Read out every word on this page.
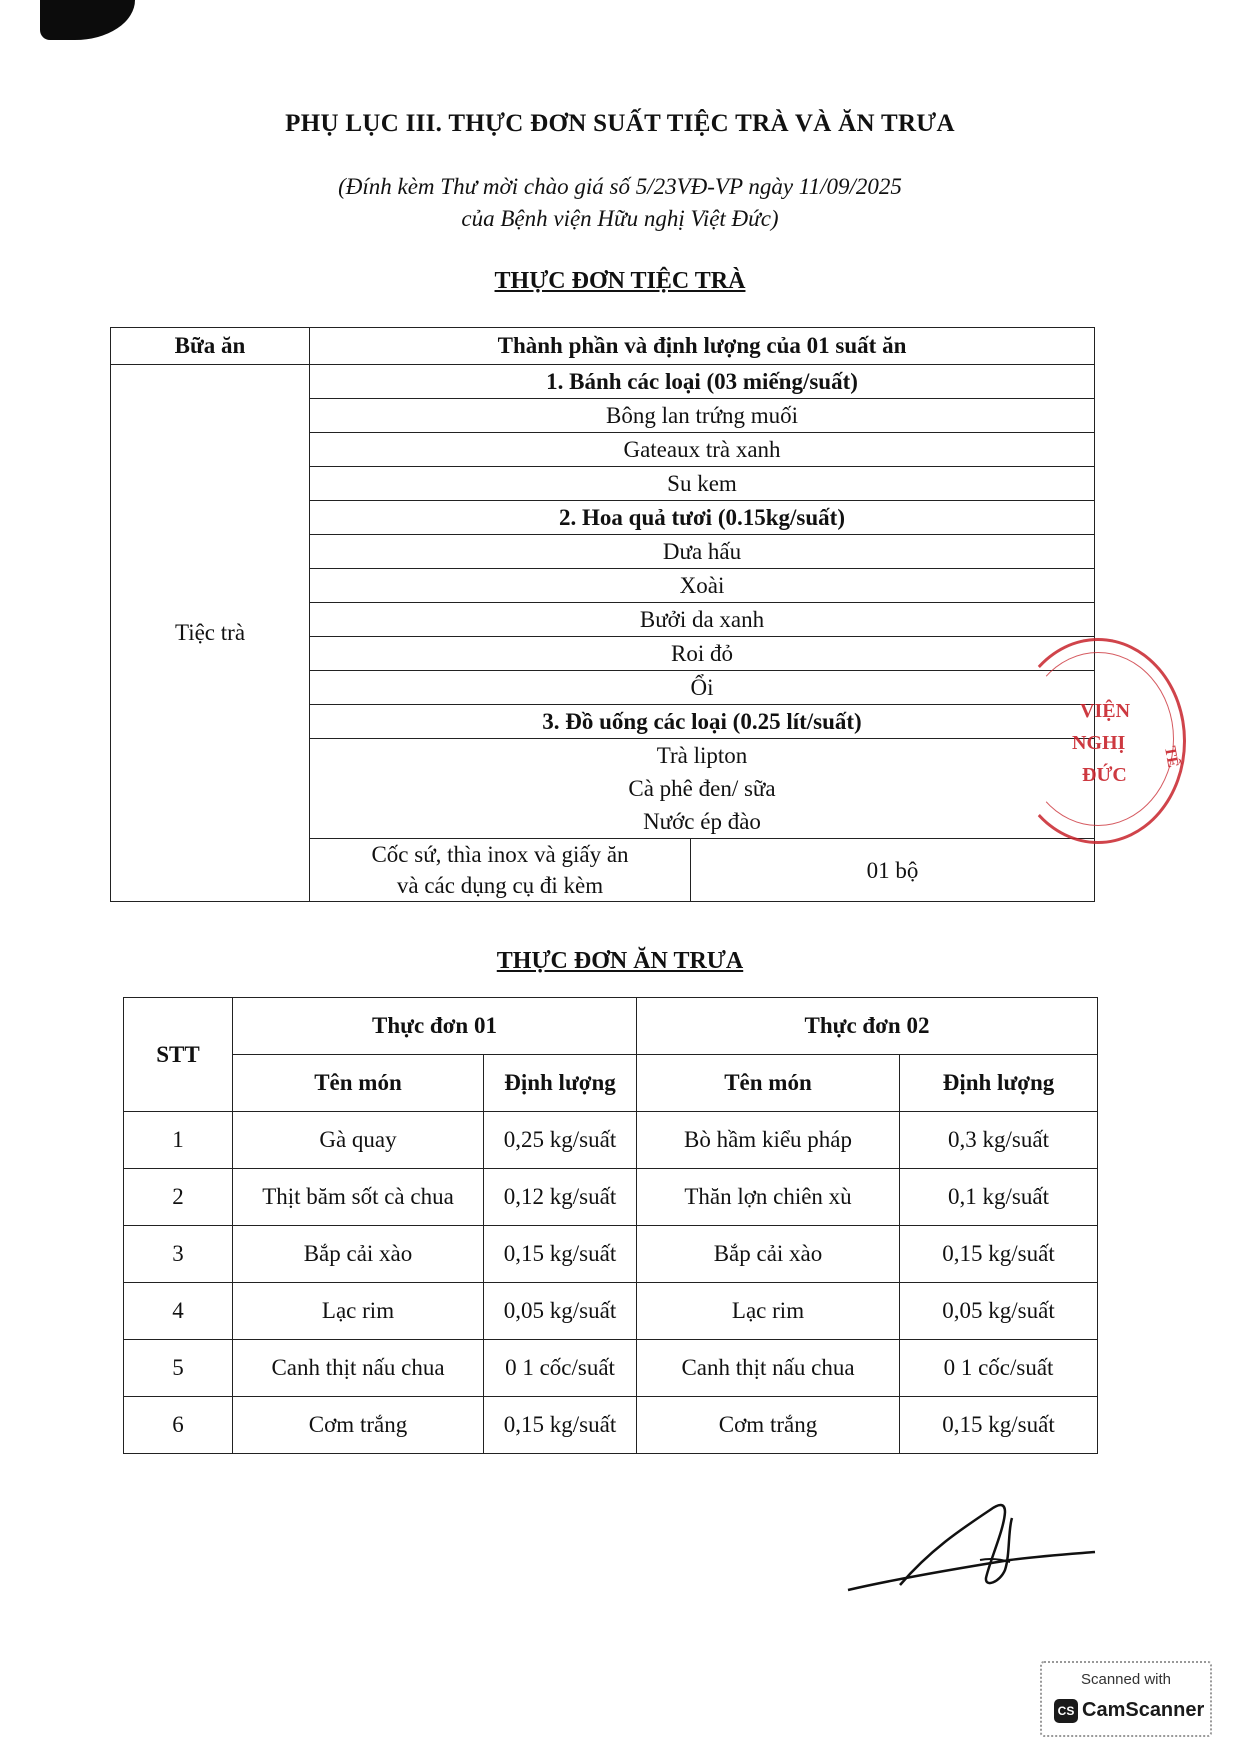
PHỤ LỤC III. THỰC ĐƠN SUẤT TIỆC TRÀ VÀ ĂN TRƯA
(Đính kèm Thư mời chào giá số 5/23VĐ-VP ngày 11/09/2025
của Bệnh viện Hữu nghị Việt Đức)
THỰC ĐƠN TIỆC TRÀ
Bữa ăn	Thành phần và định lượng của 01 suất ăn	
Tiệc trà	1. Bánh các loại (03 miếng/suất)	
	Bông lan trứng muối	
	Gateaux trà xanh	
	Su kem	
	2. Hoa quả tươi (0.15kg/suất)	
	Dưa hấu	
	Xoài	
	Bưởi da xanh	
	Roi đỏ	
	Ổi	
	3. Đồ uống các loại (0.25 lít/suất)	
	Trà lipton	
	Cà phê đen/ sữa	
	Nước ép đào	
	Cốc sứ, thìa inox và giấy ăn
và các dụng cụ đi kèm	01 bộ
VIỆN
NGHỊ
ĐỨC
TẾ
THỰC ĐƠN ĂN TRƯA
STT	Thực đơn 01		Thực đơn 02	
	Tên món	Định lượng	Tên món	Định lượng
1	Gà quay	0,25 kg/suất	Bò hầm kiểu pháp	0,3 kg/suất
2	Thịt băm sốt cà chua	0,12 kg/suất	Thăn lợn chiên xù	0,1 kg/suất
3	Bắp cải xào	0,15 kg/suất	Bắp cải xào	0,15 kg/suất
4	Lạc rim	0,05 kg/suất	Lạc rim	0,05 kg/suất
5	Canh thịt nấu chua	0 1 cốc/suất	Canh thịt nấu chua	0 1 cốc/suất
6	Cơm trắng	0,15 kg/suất	Cơm trắng	0,15 kg/suất
Scanned with
CS CamScanner
